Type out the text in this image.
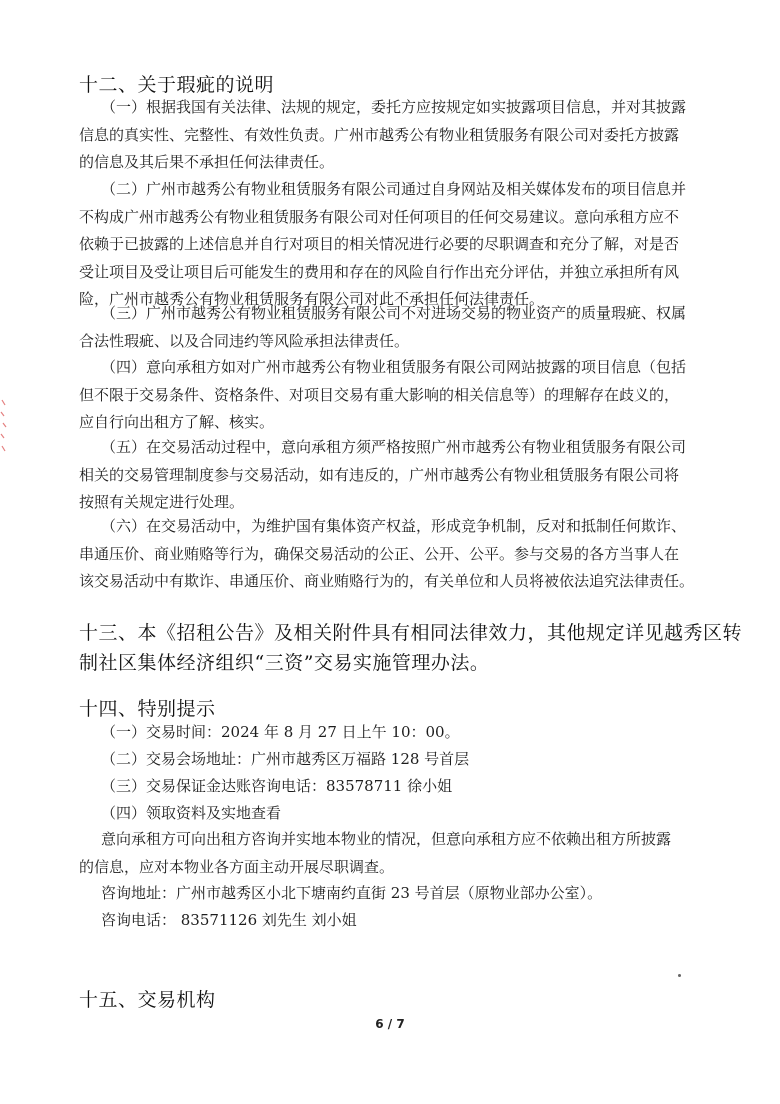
十二、关于瑕疵的说明
（一）根据我国有关法律、法规的规定，委托方应按规定如实披露项目信息，并对其披露
信息的真实性、完整性、有效性负责。广州市越秀公有物业租赁服务有限公司对委托方披露
的信息及其后果不承担任何法律责任。
（二）广州市越秀公有物业租赁服务有限公司通过自身网站及相关媒体发布的项目信息并
不构成广州市越秀公有物业租赁服务有限公司对任何项目的任何交易建议。意向承租方应不
依赖于已披露的上述信息并自行对项目的相关情况进行必要的尽职调查和充分了解，对是否
受让项目及受让项目后可能发生的费用和存在的风险自行作出充分评估，并独立承担所有风
险，广州市越秀公有物业租赁服务有限公司对此不承担任何法律责任。
（三）广州市越秀公有物业租赁服务有限公司不对进场交易的物业资产的质量瑕疵、权属
合法性瑕疵、以及合同违约等风险承担法律责任。
（四）意向承租方如对广州市越秀公有物业租赁服务有限公司网站披露的项目信息（包括
但不限于交易条件、资格条件、对项目交易有重大影响的相关信息等）的理解存在歧义的，
应自行向出租方了解、核实。
（五）在交易活动过程中，意向承租方须严格按照广州市越秀公有物业租赁服务有限公司
相关的交易管理制度参与交易活动，如有违反的，广州市越秀公有物业租赁服务有限公司将
按照有关规定进行处理。
（六）在交易活动中，为维护国有集体资产权益，形成竞争机制，反对和抵制任何欺诈、
串通压价、商业贿赂等行为，确保交易活动的公正、公开、公平。参与交易的各方当事人在
该交易活动中有欺诈、串通压价、商业贿赂行为的，有关单位和人员将被依法追究法律责任。
十三、本《招租公告》及相关附件具有相同法律效力，其他规定详见越秀区转
制社区集体经济组织“三资”交易实施管理办法。
十四、特别提示
（一）交易时间：2024 年 8 月 27 日上午 10：00。
（二）交易会场地址：广州市越秀区万福路 128 号首层
（三）交易保证金达账咨询电话：83578711 徐小姐
（四）领取资料及实地查看
意向承租方可向出租方咨询并实地本物业的情况，但意向承租方应不依赖出租方所披露
的信息，应对本物业各方面主动开展尽职调查。
咨询地址：广州市越秀区小北下塘南约直街 23 号首层（原物业部办公室）。
咨询电话： 83571126 刘先生 刘小姐
十五、交易机构
6 / 7
